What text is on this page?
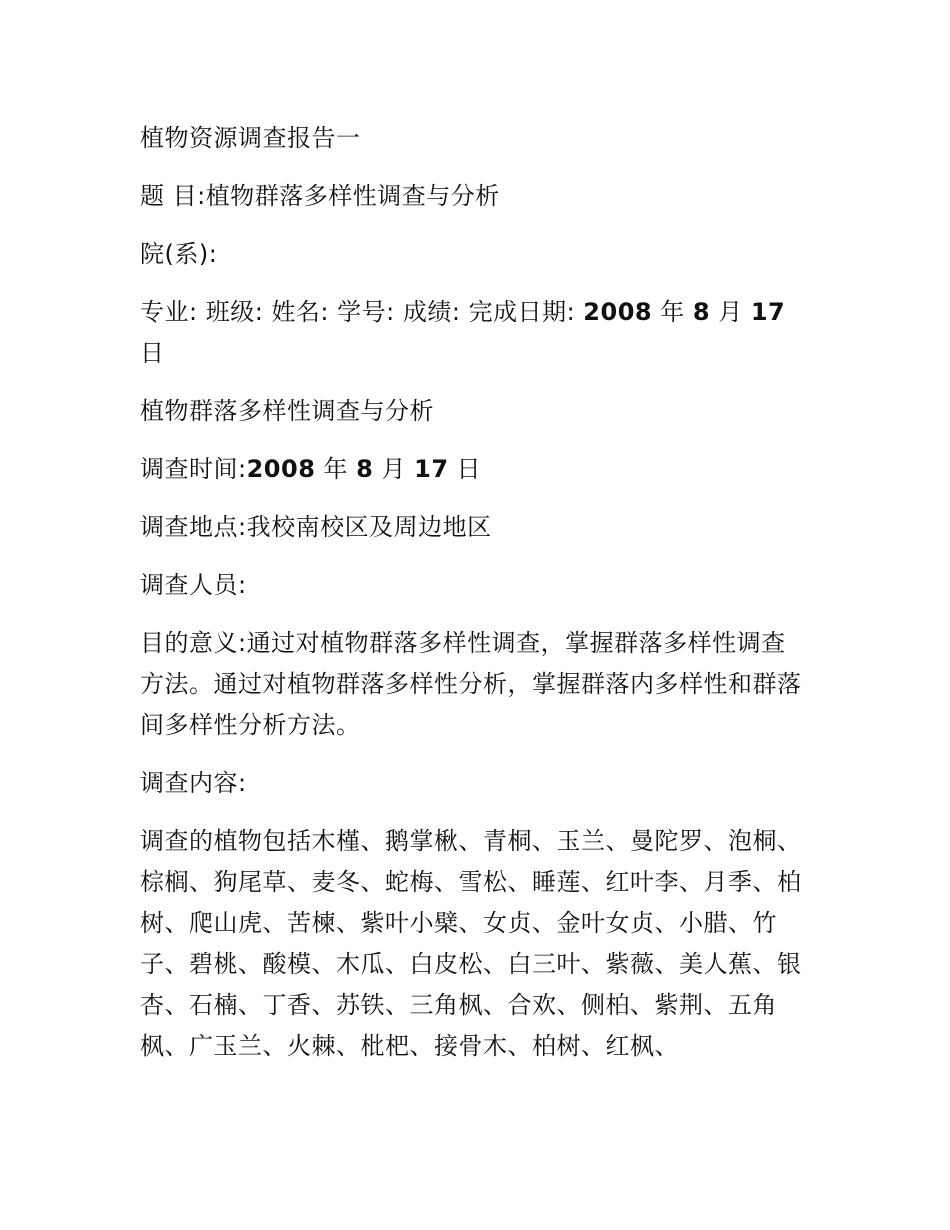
植物资源调查报告一

题 目:植物群落多样性调查与分析

院(系):

专业: 班级: 姓名: 学号: 成绩: 完成日期: 2008 年 8 月 17 日

植物群落多样性调查与分析

调查时间:2008 年 8 月 17 日

调查地点:我校南校区及周边地区

调查人员:

目的意义:通过对植物群落多样性调查，掌握群落多样性调查方法。通过对植物群落多样性分析，掌握群落内多样性和群落间多样性分析方法。

调查内容:

调查的植物包括木槿、鹅掌楸、青桐、玉兰、曼陀罗、泡桐、棕榈、狗尾草、麦冬、蛇梅、雪松、睡莲、红叶李、月季、柏树、爬山虎、苦楝、紫叶小檗、女贞、金叶女贞、小腊、竹子、碧桃、酸模、木瓜、白皮松、白三叶、紫薇、美人蕉、银杏、石楠、丁香、苏铁、三角枫、合欢、侧柏、紫荆、五角枫、广玉兰、火棘、枇杷、接骨木、柏树、红枫、
